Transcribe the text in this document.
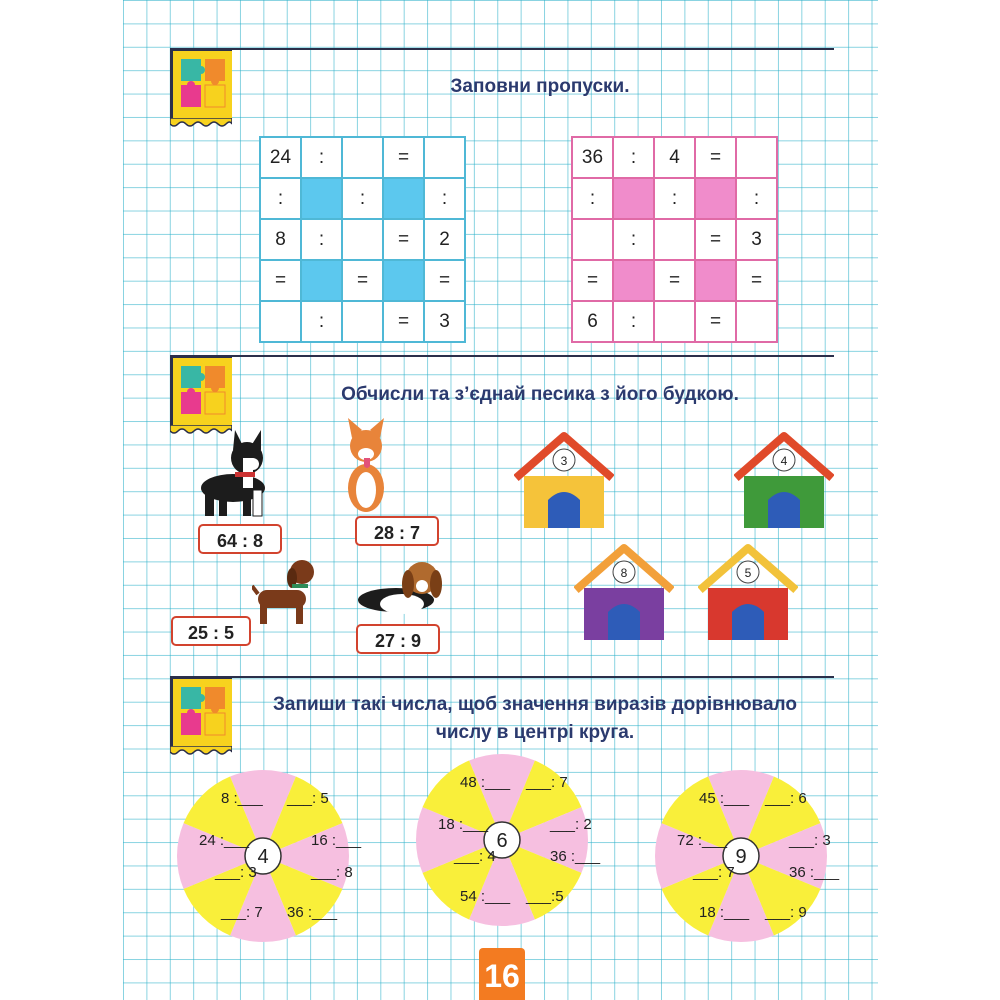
Заповни пропуски.
24	:		=	
:		:		:
8	:		=	2
=		=		=
	:		=	3
36	:	4	=	
:		:		:
	:		=	3
=		=		=
6	:		=	
Обчисли та з’єднай песика з його будкою.
64 : 8	28 : 7
25 : 5	27 : 9
3	4
8	5
Запиши такі числа, щоб значення виразів дорівнювало
числу в центрі круга.
4
8 :___ ___: 5
16 :___
___: 8
36 :___
___: 7
___: 3
24 :___	6
48 :___ ___: 7
___: 2
36 :___
___:5
54 :___
___: 4
18 :___
9
45 :___ ___: 6
___: 3
36 :___
___: 9
18 :___
___: 7
72 :___
16
